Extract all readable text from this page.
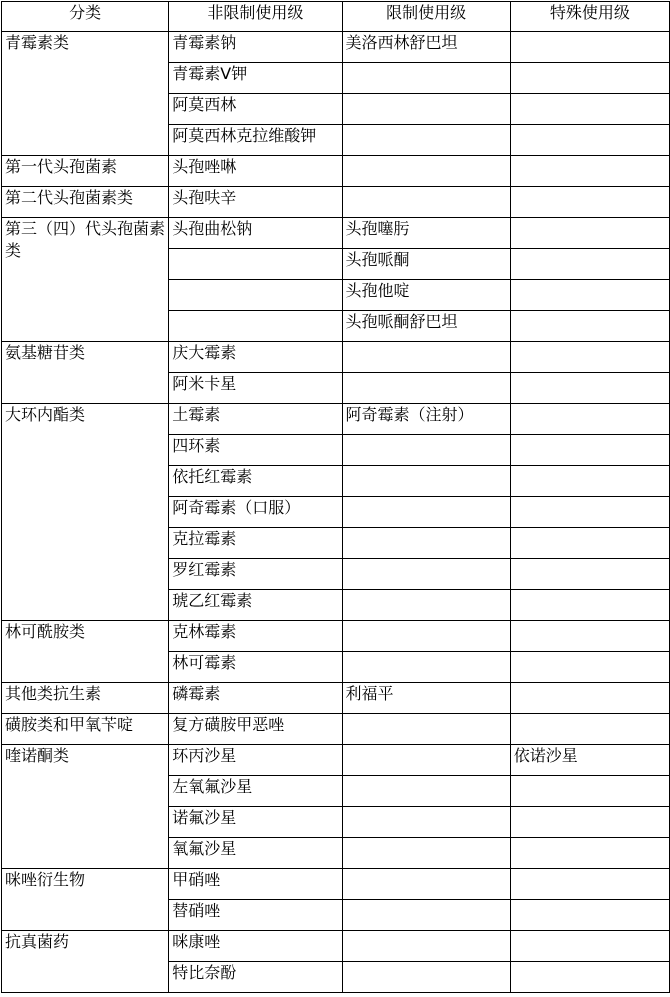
分类	非限制使用级	限制使用级	特殊使用级
青霉素类	青霉素钠	美洛西林舒巴坦	
	青霉素V钾		
	阿莫西林		
	阿莫西林克拉维酸钾		
第一代头孢菌素	头孢唑啉		
第二代头孢菌素类	头孢呋辛		
第三（四）代头孢菌素类	头孢曲松钠	头孢噻肟	
		头孢哌酮	
		头孢他啶	
		头孢哌酮舒巴坦	
氨基糖苷类	庆大霉素		
	阿米卡星		
大环内酯类	土霉素	阿奇霉素（注射）	
	四环素		
	依托红霉素		
	阿奇霉素（口服）		
	克拉霉素		
	罗红霉素		
	琥乙红霉素		
林可酰胺类	克林霉素		
	林可霉素		
其他类抗生素	磷霉素	利福平	
磺胺类和甲氧苄啶	复方磺胺甲恶唑		
喹诺酮类	环丙沙星		依诺沙星
	左氧氟沙星		
	诺氟沙星		
	氧氟沙星		
咪唑衍生物	甲硝唑		
	替硝唑		
抗真菌药	咪康唑		
	特比奈酚		
